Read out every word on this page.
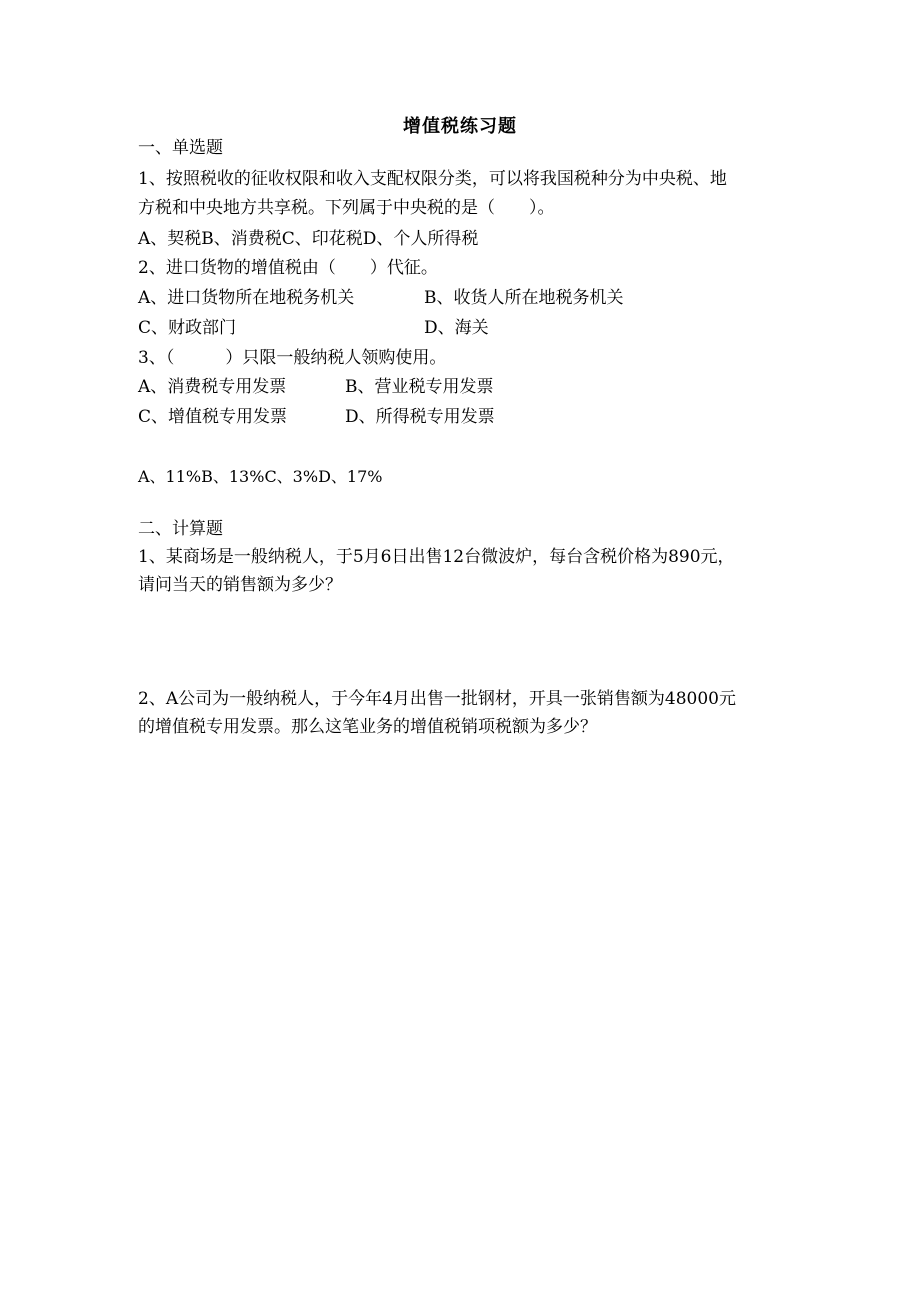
增值税练习题
一、单选题
1、按照税收的征收权限和收入支配权限分类，可以将我国税种分为中央税、地
方税和中央地方共享税。下列属于中央税的是（　　）。
A、契税B、消费税C、印花税D、个人所得税
2、进口货物的增值税由（　　）代征。
A、进口货物所在地税务机关	B、收货人所在地税务机关
C、财政部门	D、海关
3、（　　　）只限一般纳税人领购使用。
A、消费税专用发票	B、营业税专用发票
C、增值税专用发票	D、所得税专用发票
A、11%B、13%C、3%D、17%
二、计算题
1、某商场是一般纳税人，于5月6日出售12台微波炉，每台含税价格为890元，
请问当天的销售额为多少？
2、A公司为一般纳税人，于今年4月出售一批钢材，开具一张销售额为48000元
的增值税专用发票。那么这笔业务的增值税销项税额为多少？
